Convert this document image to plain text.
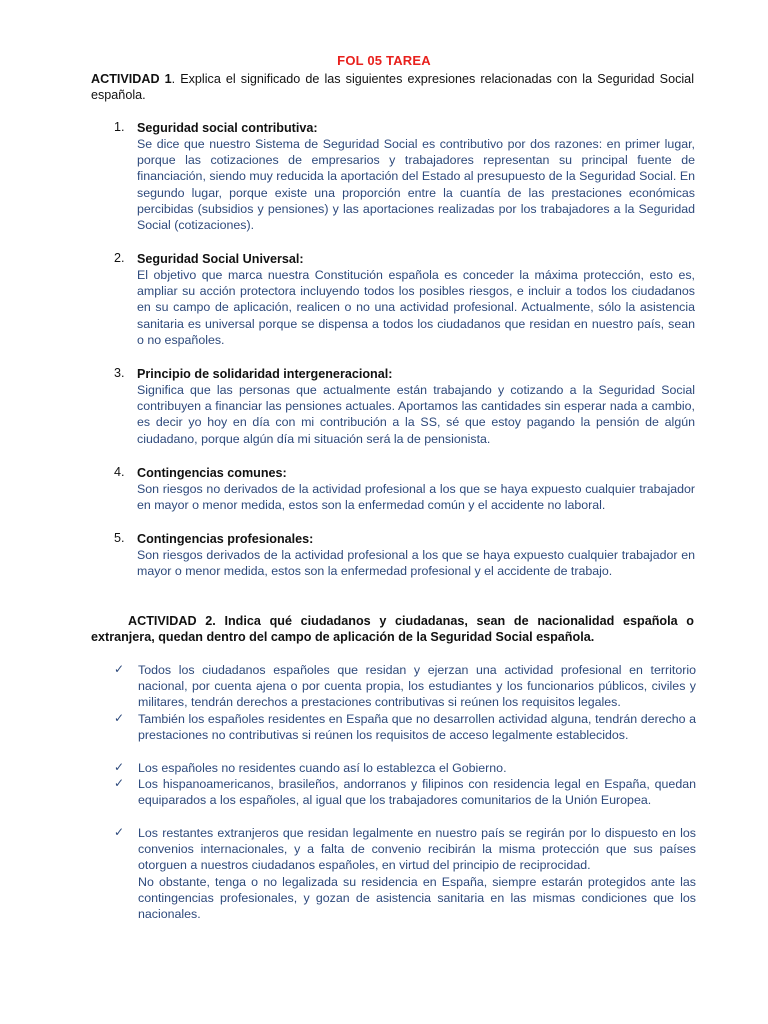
FOL 05 TAREA
ACTIVIDAD 1. Explica el significado de las siguientes expresiones relacionadas con la Seguridad Social española.
1. Seguridad social contributiva:
Se dice que nuestro Sistema de Seguridad Social es contributivo por dos razones: en primer lugar, porque las cotizaciones de empresarios y trabajadores representan su principal fuente de financiación, siendo muy reducida la aportación del Estado al presupuesto de la Seguridad Social. En segundo lugar, porque existe una proporción entre la cuantía de las prestaciones económicas percibidas (subsidios y pensiones) y las aportaciones realizadas por los trabajadores a la Seguridad Social (cotizaciones).
2. Seguridad Social Universal:
El objetivo que marca nuestra Constitución española es conceder la máxima protección, esto es, ampliar su acción protectora incluyendo todos los posibles riesgos, e incluir a todos los ciudadanos en su campo de aplicación, realicen o no una actividad profesional. Actualmente, sólo la asistencia sanitaria es universal porque se dispensa a todos los ciudadanos que residan en nuestro país, sean o no españoles.
3. Principio de solidaridad intergeneracional:
Significa que las personas que actualmente están trabajando y cotizando a la Seguridad Social contribuyen a financiar las pensiones actuales. Aportamos las cantidades sin esperar nada a cambio, es decir yo hoy en día con mi contribución a la SS, sé que estoy pagando la pensión de algún ciudadano, porque algún día mi situación será la de pensionista.
4. Contingencias comunes:
Son riesgos no derivados de la actividad profesional a los que se haya expuesto cualquier trabajador en mayor o menor medida, estos son la enfermedad común y el accidente no laboral.
5. Contingencias profesionales:
Son riesgos derivados de la actividad profesional a los que se haya expuesto cualquier trabajador en mayor o menor medida, estos son la enfermedad profesional y el accidente de trabajo.
ACTIVIDAD 2. Indica qué ciudadanos y ciudadanas, sean de nacionalidad española o extranjera, quedan dentro del campo de aplicación de la Seguridad Social española.
✓ Todos los ciudadanos españoles que residan y ejerzan una actividad profesional en territorio nacional, por cuenta ajena o por cuenta propia, los estudiantes y los funcionarios públicos, civiles y militares, tendrán derechos a prestaciones contributivas si reúnen los requisitos legales.
✓ También los españoles residentes en España que no desarrollen actividad alguna, tendrán derecho a prestaciones no contributivas si reúnen los requisitos de acceso legalmente establecidos.
✓ Los españoles no residentes cuando así lo establezca el Gobierno.
✓ Los hispanoamericanos, brasileños, andorranos y filipinos con residencia legal en España, quedan equiparados a los españoles, al igual que los trabajadores comunitarios de la Unión Europea.
✓ Los restantes extranjeros que residan legalmente en nuestro país se regirán por lo dispuesto en los convenios internacionales, y a falta de convenio recibirán la misma protección que sus países otorguen a nuestros ciudadanos españoles, en virtud del principio de reciprocidad.
No obstante, tenga o no legalizada su residencia en España, siempre estarán protegidos ante las contingencias profesionales, y gozan de asistencia sanitaria en las mismas condiciones que los nacionales.
